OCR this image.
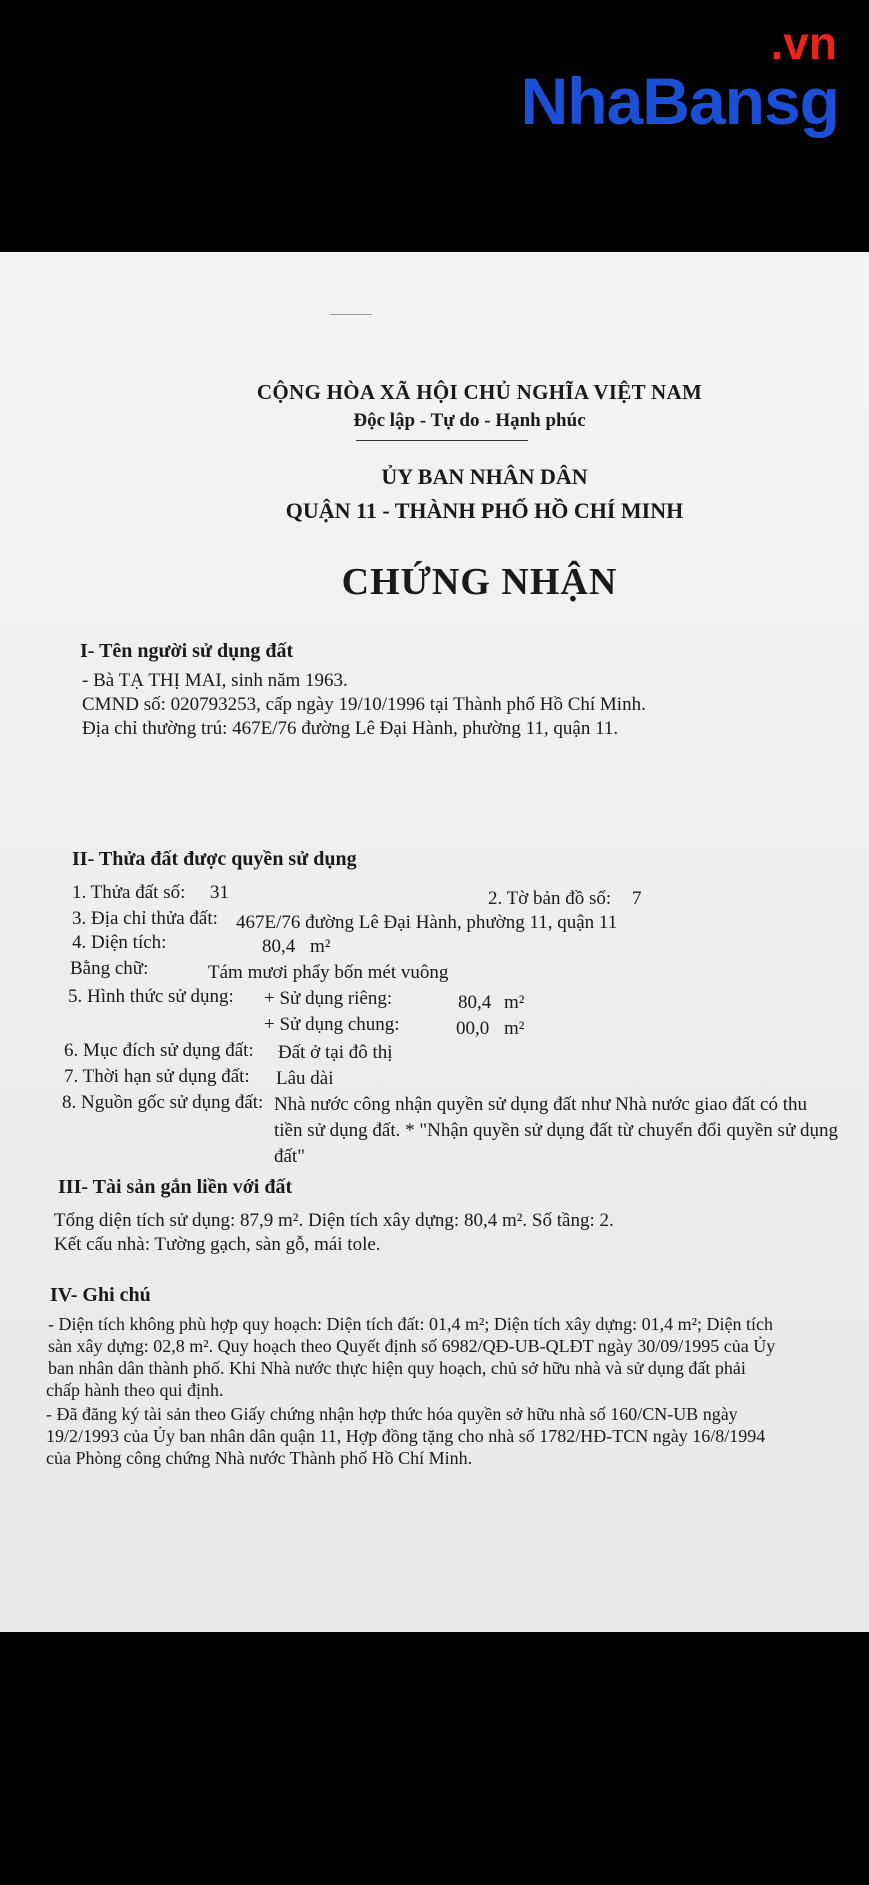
.vn
NhaBansg
CỘNG HÒA XÃ HỘI CHỦ NGHĨA VIỆT NAM
Độc lập - Tự do - Hạnh phúc
ỦY BAN NHÂN DÂN
QUẬN 11 - THÀNH PHỐ HỒ CHÍ MINH
CHỨNG NHẬN
I- Tên người sử dụng đất
- Bà TẠ THỊ MAI, sinh năm 1963.
CMND số: 020793253, cấp ngày 19/10/1996 tại Thành phố Hồ Chí Minh.
Địa chỉ thường trú: 467E/76 đường Lê Đại Hành, phường 11, quận 11.
II- Thửa đất được quyền sử dụng
1. Thửa đất số: 31	2. Tờ bản đồ số: 7
3. Địa chỉ thửa đất: 467E/76 đường Lê Đại Hành, phường 11, quận 11
4. Diện tích:	80,4 m²
Bằng chữ:	Tám mươi phẩy bốn mét vuông
5. Hình thức sử dụng: + Sử dụng riêng:	80,4 m²
+ Sử dụng chung:	00,0 m²
6. Mục đích sử dụng đất: Đất ở tại đô thị
7. Thời hạn sử dụng đất: Lâu dài
8. Nguồn gốc sử dụng đất: Nhà nước công nhận quyền sử dụng đất như Nhà nước giao đất có thu
tiền sử dụng đất. * "Nhận quyền sử dụng đất từ chuyển đổi quyền sử dụng
đất"
III- Tài sản gắn liền với đất
Tổng diện tích sử dụng: 87,9 m². Diện tích xây dựng: 80,4 m². Số tầng: 2.
Kết cấu nhà: Tường gạch, sàn gỗ, mái tole.
IV- Ghi chú
- Diện tích không phù hợp quy hoạch: Diện tích đất: 01,4 m²; Diện tích xây dựng: 01,4 m²; Diện tích
sàn xây dựng: 02,8 m². Quy hoạch theo Quyết định số 6982/QĐ-UB-QLĐT ngày 30/09/1995 của Ủy
ban nhân dân thành phố. Khi Nhà nước thực hiện quy hoạch, chủ sở hữu nhà và sử dụng đất phải
chấp hành theo qui định.
- Đã đăng ký tài sản theo Giấy chứng nhận hợp thức hóa quyền sở hữu nhà số 160/CN-UB ngày
19/2/1993 của Ủy ban nhân dân quận 11, Hợp đồng tặng cho nhà số 1782/HĐ-TCN ngày 16/8/1994
của Phòng công chứng Nhà nước Thành phố Hồ Chí Minh.
